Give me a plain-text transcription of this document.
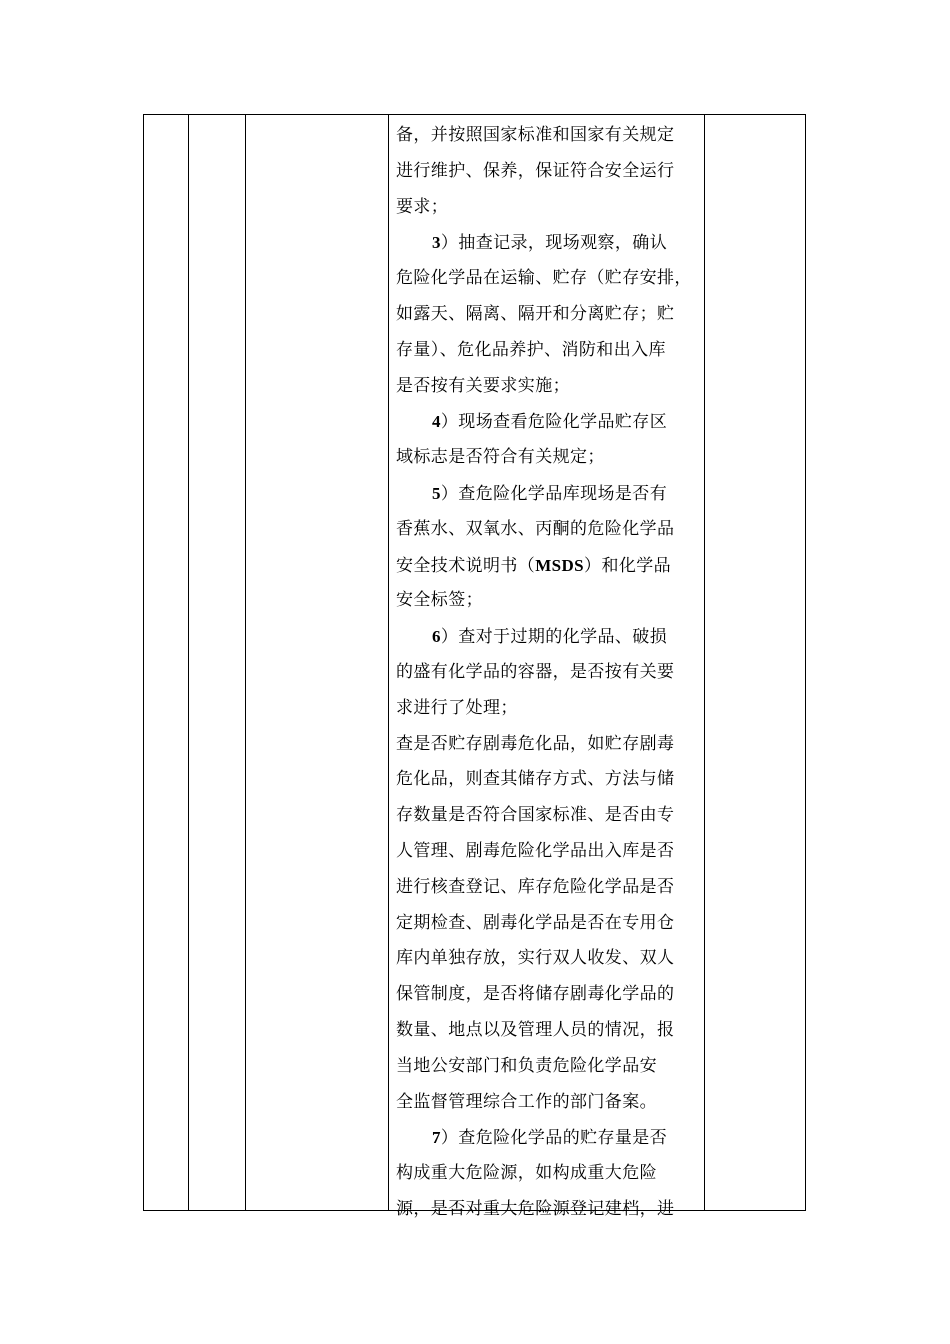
备，并按照国家标准和国家有关规定
进行维护、保养，保证符合安全运行
要求；
3）抽查记录，现场观察，确认
危险化学品在运输、贮存（贮存安排，
如露天、隔离、隔开和分离贮存；贮
存量）、危化品养护、消防和出入库
是否按有关要求实施；
4）现场查看危险化学品贮存区
域标志是否符合有关规定；
5）查危险化学品库现场是否有
香蕉水、双氧水、丙酮的危险化学品
安全技术说明书（MSDS）和化学品
安全标签；
6）查对于过期的化学品、破损
的盛有化学品的容器，是否按有关要
求进行了处理；
查是否贮存剧毒危化品，如贮存剧毒
危化品，则查其储存方式、方法与储
存数量是否符合国家标准、是否由专
人管理、剧毒危险化学品出入库是否
进行核查登记、库存危险化学品是否
定期检查、剧毒化学品是否在专用仓
库内单独存放，实行双人收发、双人
保管制度，是否将储存剧毒化学品的
数量、地点以及管理人员的情况，报
当地公安部门和负责危险化学品安
全监督管理综合工作的部门备案。
7）查危险化学品的贮存量是否
构成重大危险源，如构成重大危险
源，是否对重大危险源登记建档，进
